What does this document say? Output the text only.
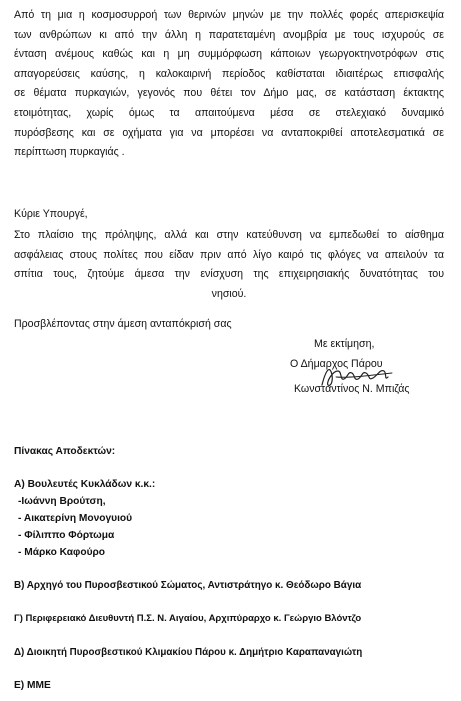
Από τη μια η κοσμοσυρροή των θερινών μηνών με την πολλές φορές απερισκεψία
των ανθρώπων κι από την άλλη η παρατεταμένη ανομβρία με τους ισχυρούς σε
ένταση ανέμους καθώς και η μη συμμόρφωση κάποιων γεωργοκτηνοτρόφων στις
απαγορεύσεις καύσης, η καλοκαιρινή περίοδος καθίσταται ιδιαιτέρως επισφαλής
σε θέματα πυρκαγιών, γεγονός που θέτει τον Δήμο μας, σε κατάσταση έκτακτης
ετοιμότητας, χωρίς όμως τα απαιτούμενα μέσα σε στελεχιακό δυναμικό
πυρόσβεσης και σε οχήματα για να μπορέσει να ανταποκριθεί αποτελεσματικά σε
περίπτωση πυρκαγιάς .
Κύριε Υπουργέ,
Στο πλαίσιο της πρόληψης, αλλά και στην κατεύθυνση να εμπεδωθεί το αίσθημα
ασφάλειας στους πολίτες που είδαν πριν από λίγο καιρό τις φλόγες να απειλούν τα
σπίτια τους, ζητούμε άμεσα την ενίσχυση της επιχειρησιακής δυνατότητας του
νησιού.
Προσβλέποντας στην άμεση ανταπόκρισή σας
Με εκτίμηση,
Ο Δήμαρχος Πάρου
Κωνσταντίνος Ν. Μπιζάς
Πίνακας Αποδεκτών:
Α) Βουλευτές Κυκλάδων κ.κ.:
-Ιωάννη Βρούτση,
- Αικατερίνη Μονογυιού
- Φίλιππο Φόρτωμα
- Μάρκο Καφούρο
Β) Αρχηγό του Πυροσβεστικού Σώματος, Αντιστράτηγο κ. Θεόδωρο Βάγια
Γ) Περιφερειακό Διευθυντή Π.Σ. Ν. Αιγαίου, Αρχιπύραρχο κ. Γεώργιο Βλόντζο
Δ) Διοικητή Πυροσβεστικού Κλιμακίου Πάρου κ. Δημήτριο Καραπαναγιώτη
Ε) ΜΜΕ
